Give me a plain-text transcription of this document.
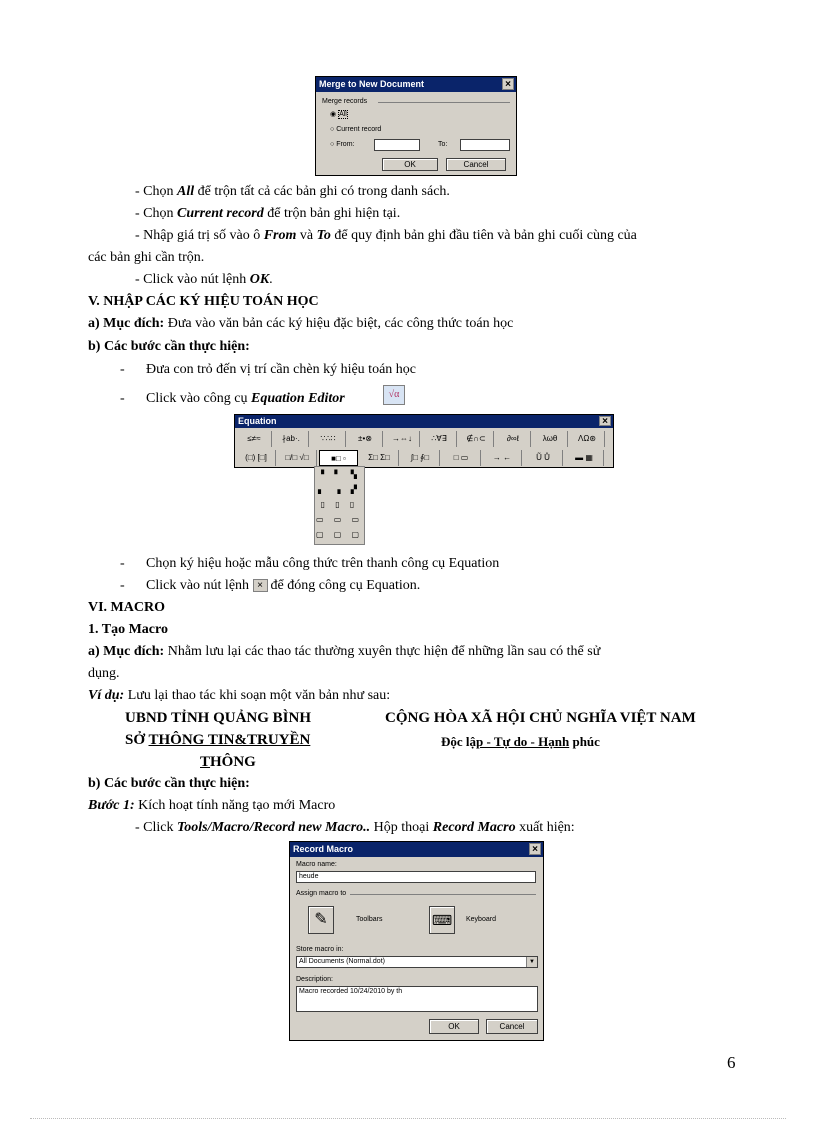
Merge to New Document	×
Merge records
◉ All
○ Current record
○ From:	To:
OK	Cancel
- Chọn All để trộn tất cả các bản ghi có trong danh sách.
- Chọn Current record để trộn bản ghi hiện tại.
- Nhập giá trị số vào ô From và To để quy định bản ghi đầu tiên và bản ghi cuối cùng của
các bản ghi cần trộn.
- Click vào nút lệnh OK.
V. NHẬP CÁC KÝ HIỆU TOÁN HỌC
a) Mục đích: Đưa vào văn bản các ký hiệu đặc biệt, các công thức toán học
b) Các bước cần thực hiện:
- Đưa con trỏ đến vị trí cần chèn ký hiệu toán học
- Click vào công cụ Equation Editor	√α
Equation	×
≤≠≈	∤ab·.	∵∴∷	±•⊗	→⇔↓	∴∀∃	∉∩⊂	∂∞ℓ	λωθ	ΛΩ⊛
(□) [□]	□/□ √□	■□ ▫	Σ□ Σ□	∫□ ∮□	□ ▭	→ ←	Ũ Ů	▬ ▦
▝ ▘ ▚
▖ ▗ ▞
▯ ▯ ▯
▭ ▭ ▭
▢ ▢ ▢
- Chọn ký hiệu hoặc mẫu công thức trên thanh công cụ Equation
- Click vào nút lệnh × để đóng công cụ Equation.
VI. MACRO
1. Tạo Macro
a) Mục đích: Nhằm lưu lại các thao tác thường xuyên thực hiện để những lần sau có thể sử
dụng.
Ví dụ: Lưu lại thao tác khi soạn một văn bản như sau:
UBND TỈNH QUẢNG BÌNH	CỘNG HÒA XÃ HỘI CHỦ NGHĨA VIỆT NAM
SỞ THÔNG TIN&TRUYỀN	Độc lập - Tự do - Hạnh phúc
THÔNG
b) Các bước cần thực hiện:
Bước 1: Kích hoạt tính năng tạo mới Macro
- Click Tools/Macro/Record new Macro.. Hộp thoại Record Macro xuất hiện:
Record Macro	×
Macro name:
heude
Assign macro to
✎	Toolbars	⌨	Keyboard
Store macro in:
All Documents (Normal.dot)	▼
Description:
Macro recorded 10/24/2010 by th
OK	Cancel
6
